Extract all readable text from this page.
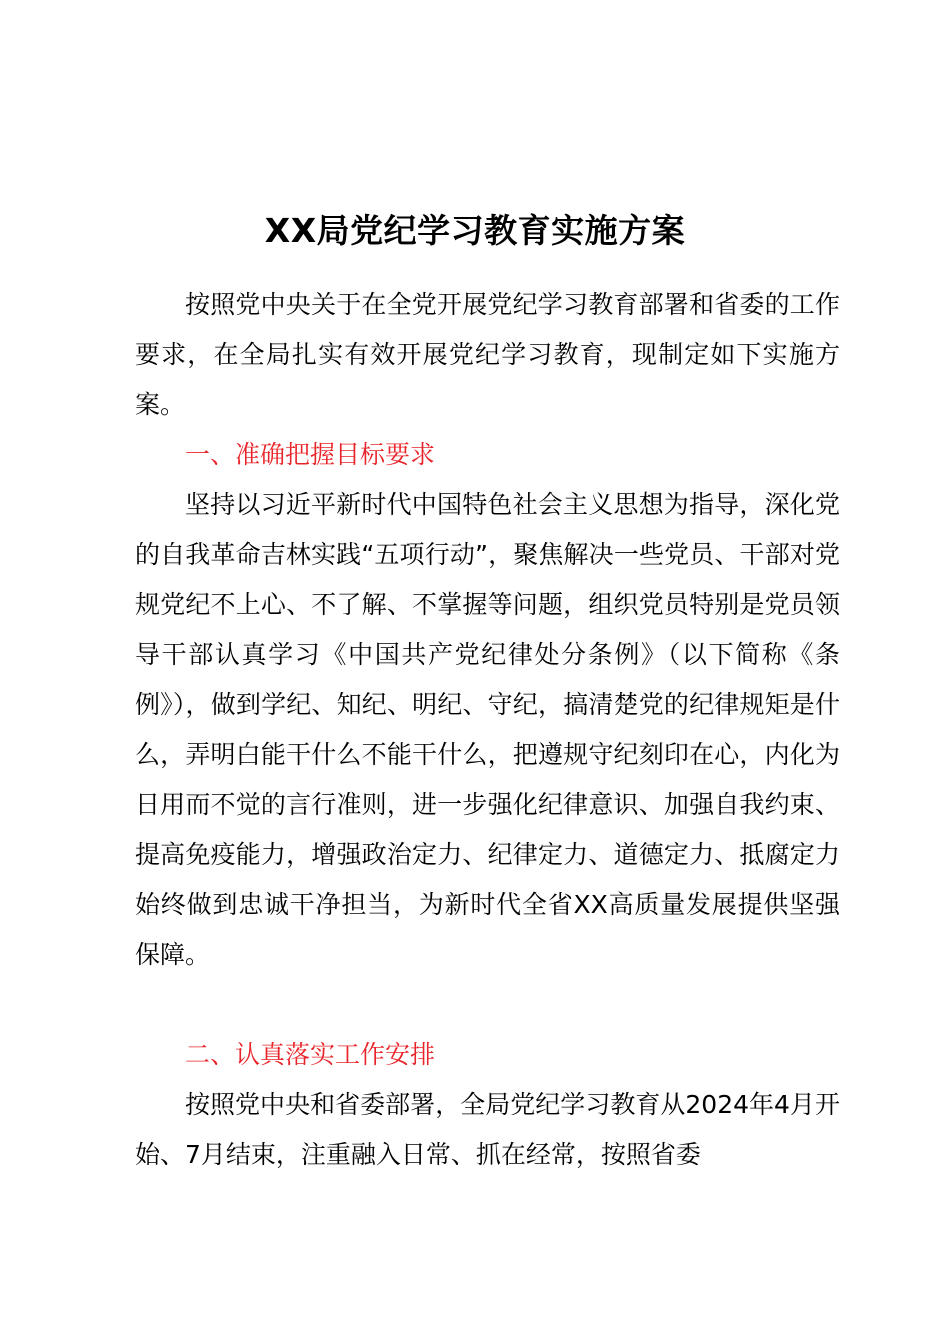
XX局党纪学习教育实施方案

按照党中央关于在全党开展党纪学习教育部署和省委的工作要求，在全局扎实有效开展党纪学习教育，现制定如下实施方案。

一、准确把握目标要求

坚持以习近平新时代中国特色社会主义思想为指导，深化党的自我革命吉林实践“五项行动”，聚焦解决一些党员、干部对党规党纪不上心、不了解、不掌握等问题，组织党员特别是党员领导干部认真学习《中国共产党纪律处分条例》（以下简称《条例》），做到学纪、知纪、明纪、守纪，搞清楚党的纪律规矩是什么，弄明白能干什么不能干什么，把遵规守纪刻印在心，内化为日用而不觉的言行准则，进一步强化纪律意识、加强自我约束、提高免疫能力，增强政治定力、纪律定力、道德定力、抵腐定力始终做到忠诚干净担当，为新时代全省XX高质量发展提供坚强保障。

二、认真落实工作安排

按照党中央和省委部署，全局党纪学习教育从2024年4月开始、7月结束，注重融入日常、抓在经常，按照省委
